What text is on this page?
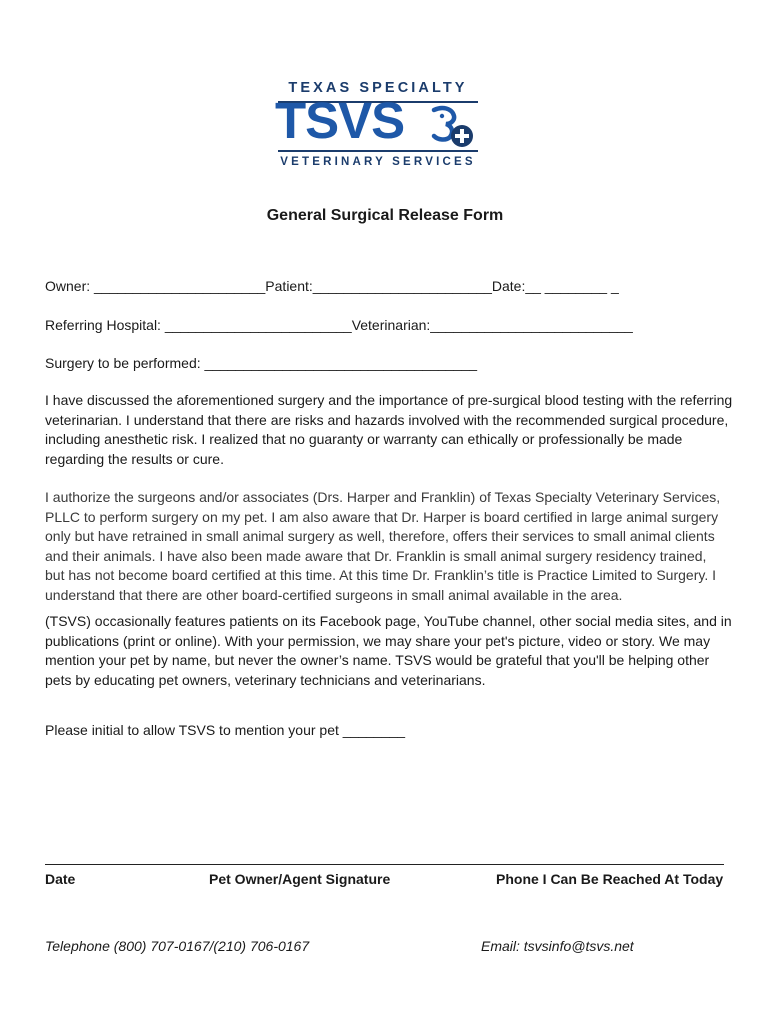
TEXAS SPECIALTY
TSVS
VETERINARY SERVICES
General Surgical Release Form
Owner: ______________________Patient:_______________________Date:__ ________ _
Referring Hospital: ________________________Veterinarian:__________________________
Surgery to be performed: ___________________________________
I have discussed the aforementioned surgery and the importance of pre-surgical blood testing with the referring
veterinarian. I understand that there are risks and hazards involved with the recommended surgical procedure,
including anesthetic risk. I realized that no guaranty or warranty can ethically or professionally be made
regarding the results or cure.
I authorize the surgeons and/or associates (Drs. Harper and Franklin) of Texas Specialty Veterinary Services,
PLLC to perform surgery on my pet. I am also aware that Dr. Harper is board certified in large animal surgery
only but have retrained in small animal surgery as well, therefore, offers their services to small animal clients
and their animals. I have also been made aware that Dr. Franklin is small animal surgery residency trained,
but has not become board certified at this time. At this time Dr. Franklin’s title is Practice Limited to Surgery. I
understand that there are other board-certified surgeons in small animal available in the area.
(TSVS) occasionally features patients on its Facebook page, YouTube channel, other social media sites, and in
publications (print or online). With your permission, we may share your pet's picture, video or story. We may
mention your pet by name, but never the owner’s name. TSVS would be grateful that you'll be helping other
pets by educating pet owners, veterinary technicians and veterinarians.
Please initial to allow TSVS to mention your pet ________
Date	Pet Owner/Agent Signature	Phone I Can Be Reached At Today
Telephone (800) 707-0167/(210) 706-0167	Email: tsvsinfo@tsvs.net
